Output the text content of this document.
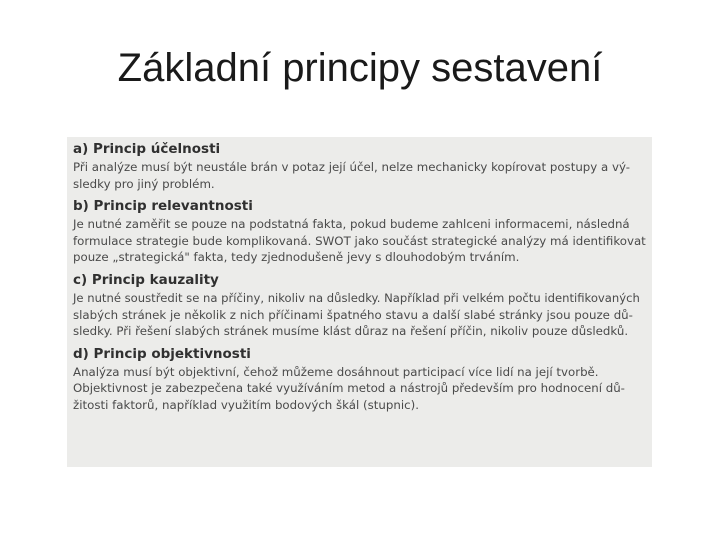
Základní principy sestavení
a) Princip účelnosti
Při analýze musí být neustále brán v potaz její účel, nelze mechanicky kopírovat postupy a vý-
sledky pro jiný problém.
b) Princip relevantnosti
Je nutné zaměřit se pouze na podstatná fakta, pokud budeme zahlceni informacemi, následná
formulace strategie bude komplikovaná. SWOT jako součást strategické analýzy má identifikovat
pouze „strategická" fakta, tedy zjednodušeně jevy s dlouhodobým trváním.
c) Princip kauzality
Je nutné soustředit se na příčiny, nikoliv na důsledky. Například při velkém počtu identifikovaných
slabých stránek je několik z nich příčinami špatného stavu a další slabé stránky jsou pouze dů-
sledky. Při řešení slabých stránek musíme klást důraz na řešení příčin, nikoliv pouze důsledků.
d) Princip objektivnosti
Analýza musí být objektivní, čehož můžeme dosáhnout participací více lidí na její tvorbě.
Objektivnost je zabezpečena také využíváním metod a nástrojů především pro hodnocení dů-
žitosti faktorů, například využitím bodových škál (stupnic).
